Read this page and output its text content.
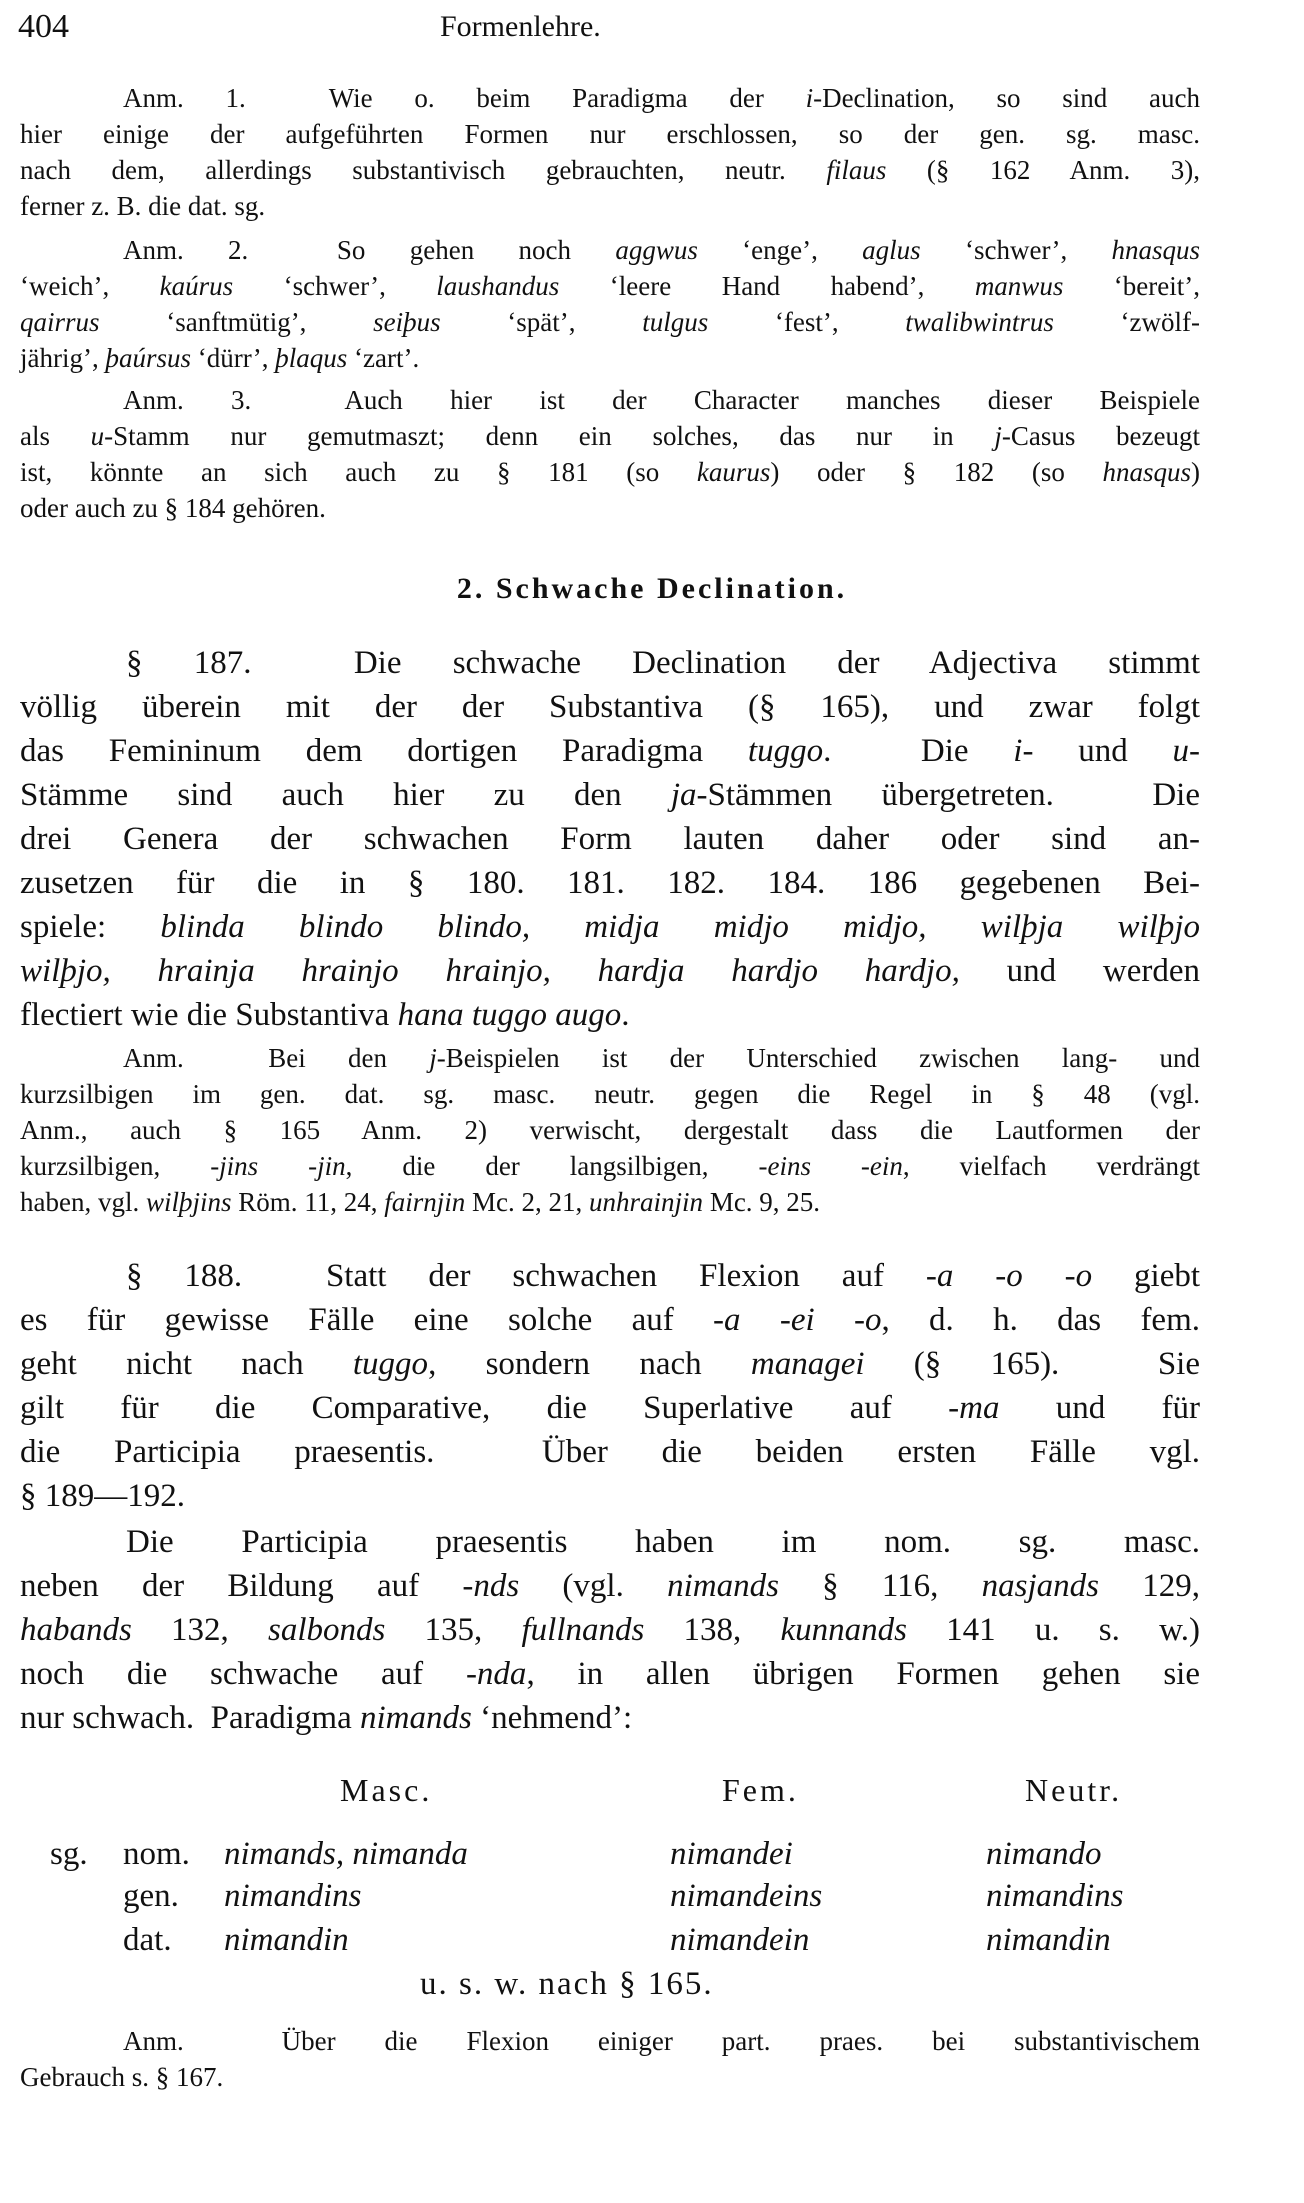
404	Formenlehre.
Anm. 1.  Wie o. beim Paradigma der i-Declination, so sind auch
hier einige der aufgeführten Formen nur erschlossen, so der gen. sg. masc.
nach dem, allerdings substantivisch gebrauchten, neutr. filaus (§ 162 Anm. 3),
ferner z. B. die dat. sg.
Anm. 2.  So gehen noch aggwus ‘enge’, aglus ‘schwer’, hnasqus
‘weich’, kaúrus ‘schwer’, laushandus ‘leere Hand habend’, manwus ‘bereit’,
qairrus ‘sanftmütig’, seiþus ‘spät’, tulgus ‘fest’, twalibwintrus ‘zwölf-
jährig’, þaúrsus ‘dürr’, þlaqus ‘zart’.
Anm. 3.  Auch hier ist der Character manches dieser Beispiele
als u-Stamm nur gemutmaszt; denn ein solches, das nur in j-Casus bezeugt
ist, könnte an sich auch zu § 181 (so kaurus) oder § 182 (so hnasqus)
oder auch zu § 184 gehören.
2. Schwache Declination.
§ 187.  Die schwache Declination der Adjectiva stimmt
völlig überein mit der der Substantiva (§ 165), und zwar folgt
das Femininum dem dortigen Paradigma tuggo.  Die i- und u-
Stämme sind auch hier zu den ja-Stämmen übergetreten.  Die
drei Genera der schwachen Form lauten daher oder sind an-
zusetzen für die in § 180. 181. 182. 184. 186 gegebenen Bei-
spiele: blinda blindo blindo, midja midjo midjo, wilþja wilþjo
wilþjo, hrainja hrainjo hrainjo, hardja hardjo hardjo, und werden
flectiert wie die Substantiva hana tuggo augo.
Anm.  Bei den j-Beispielen ist der Unterschied zwischen lang- und
kurzsilbigen im gen. dat. sg. masc. neutr. gegen die Regel in § 48 (vgl.
Anm., auch § 165 Anm. 2) verwischt, dergestalt dass die Lautformen der
kurzsilbigen, -jins -jin, die der langsilbigen, -eins -ein, vielfach verdrängt
haben, vgl. wilþjins Röm. 11, 24, fairnjin Mc. 2, 21, unhrainjin Mc. 9, 25.
§ 188.  Statt der schwachen Flexion auf -a -o -o giebt
es für gewisse Fälle eine solche auf -a -ei -o, d. h. das fem.
geht nicht nach tuggo, sondern nach managei (§ 165).  Sie
gilt für die Comparative, die Superlative auf -ma und für
die Participia praesentis.  Über die beiden ersten Fälle vgl.
§ 189—192.
Die Participia praesentis haben im nom. sg. masc.
neben der Bildung auf -nds (vgl. nimands § 116, nasjands 129,
habands 132, salbonds 135, fullnands 138, kunnands 141 u. s. w.)
noch die schwache auf -nda, in allen übrigen Formen gehen sie
nur schwach.  Paradigma nimands ‘nehmend’:
Masc.	Fem.	Neutr.
sg. nom. nimands, nimanda	nimandei	nimando
gen. nimandins	nimandeins	nimandins
dat. nimandin	nimandein	nimandin
u. s. w. nach § 165.
Anm.  Über die Flexion einiger part. praes. bei substantivischem
Gebrauch s. § 167.
